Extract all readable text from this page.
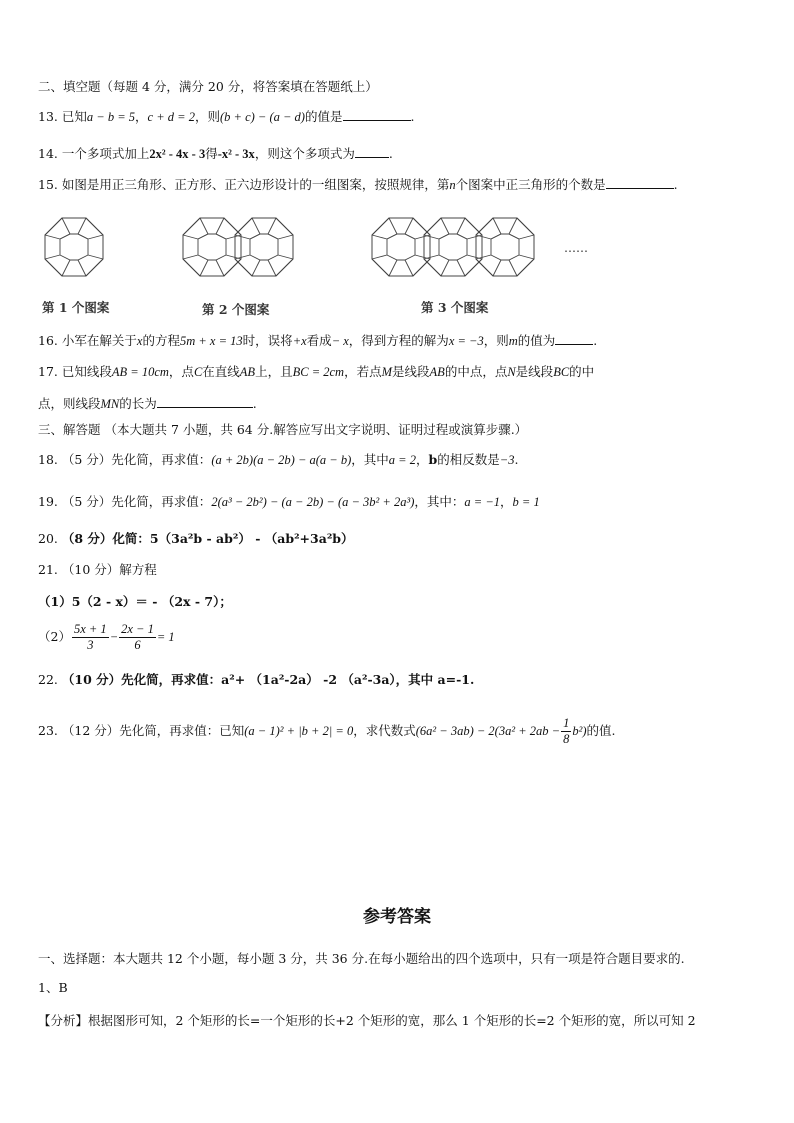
二、填空题（每题 4 分，满分 20 分，将答案填在答题纸上）
13. 已知a − b = 5，c + d = 2，则(b + c) − (a − d)的值是	.
14. 一个多项式加上2x² - 4x - 3得-x² - 3x，则这个多项式为	.
15. 如图是用正三角形、正方形、正六边形设计的一组图案，按照规律，第n个图案中正三角形的个数是	.
……
第 1 个图案	第 2 个图案	第 3 个图案
16. 小军在解关于x的方程5m + x = 13时，误将+x看成− x，得到方程的解为x = −3，则m的值为	.
17. 已知线段AB = 10cm，点C在直线AB上，且BC = 2cm，若点M是线段AB的中点，点N是线段BC的中
点，则线段MN的长为	.
三、解答题 （本大题共 7 小题，共 64 分.解答应写出文字说明、证明过程或演算步骤.）
18. （5 分）先化简，再求值：(a + 2b)(a − 2b) − a(a − b)，其中a = 2，b的相反数是−3.
19. （5 分）先化简，再求值：2(a³ − 2b²) − (a − 2b) − (a − 3b² + 2a³)，其中：a = −1，b = 1
20. （8 分）化简：5（3a²b - ab²） - （ab²+3a²b）
21. （10 分）解方程
（1）5（2 - x）＝ - （2x - 7）；
$(2) \frac{5x + 1}{3} - \frac{2x - 1}{6} = 1$
22. （10 分）先化简，再求值：a²+ （1a²-2a） -2 （a²-3a），其中 a=-1.
23. （12 分）先化简，再求值：已知(a − 1)² + |b + 2| = 0，求代数式$(6a^2 - 3ab) - 2(3a^2 + 2ab - \frac{1}{8} b^2)$的值.
参考答案
一、选择题：本大题共 12 个小题，每小题 3 分，共 36 分.在每小题给出的四个选项中，只有一项是符合题目要求的.
1、B
【分析】根据图形可知，2 个矩形的长=一个矩形的长+2 个矩形的宽，那么 1 个矩形的长=2 个矩形的宽，所以可知 2
